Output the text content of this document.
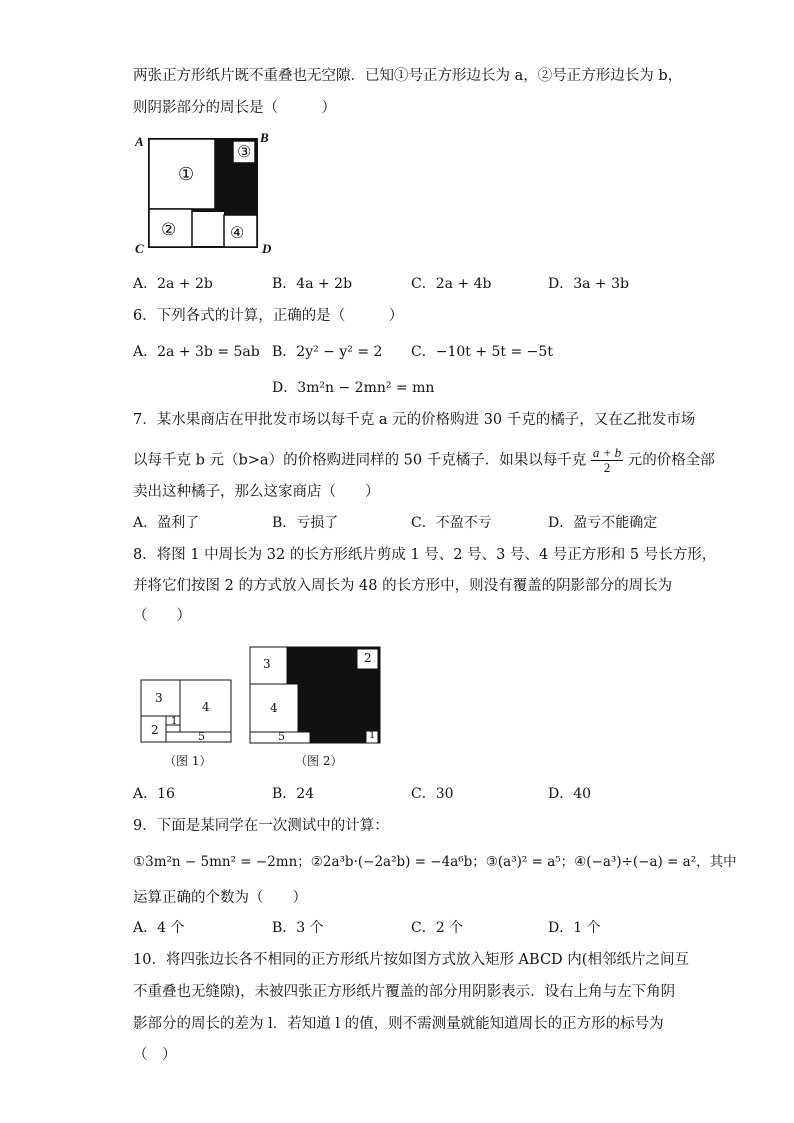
两张正方形纸片既不重叠也无空隙．已知①号正方形边长为 a，②号正方形边长为 b，
则阴影部分的周长是（　　　）
A	B
C	D
①
③
②	④
A．2a + 2b	B．4a + 2b	C．2a + 4b	D．3a + 3b
6．下列各式的计算，正确的是（　　　）
A．2a + 3b = 5ab B．2y² − y² = 2 C．−10t + 5t = −5t
D．3m²n − 2mn² = mn
7．某水果商店在甲批发市场以每千克 a 元的价格购进 30 千克的橘子，又在乙批发市场
以每千克 b 元（b>a）的价格购进同样的 50 千克橘子．如果以每千克 $\frac{a + b}{2}$ 元的价格全部
卖出这种橘子，那么这家商店（　　）
A．盈利了	B．亏损了	C．不盈不亏	D．盈亏不能确定
8．将图 1 中周长为 32 的长方形纸片剪成 1 号、2 号、3 号、4 号正方形和 5 号长方形，
并将它们按图 2 的方式放入周长为 48 的长方形中，则没有覆盖的阴影部分的周长为
（　　）
3
4
2
1
5
（图 1）
3
4
2
5	1
（图 2）
A．16	B．24	C．30	D．40
9．下面是某同学在一次测试中的计算：
①3m²n − 5mn² = −2mn；②2a³b·(−2a²b) = −4a⁶b；③(a³)² = a⁵；④(−a³)÷(−a) = a²，其中
运算正确的个数为（　　）
A．4 个	B．3 个	C．2 个	D．1 个
10．将四张边长各不相同的正方形纸片按如图方式放入矩形 ABCD 内(相邻纸片之间互
不重叠也无缝隙)，未被四张正方形纸片覆盖的部分用阴影表示．设右上角与左下角阴
影部分的周长的差为 l．若知道 l 的值，则不需测量就能知道周长的正方形的标号为
（　）
